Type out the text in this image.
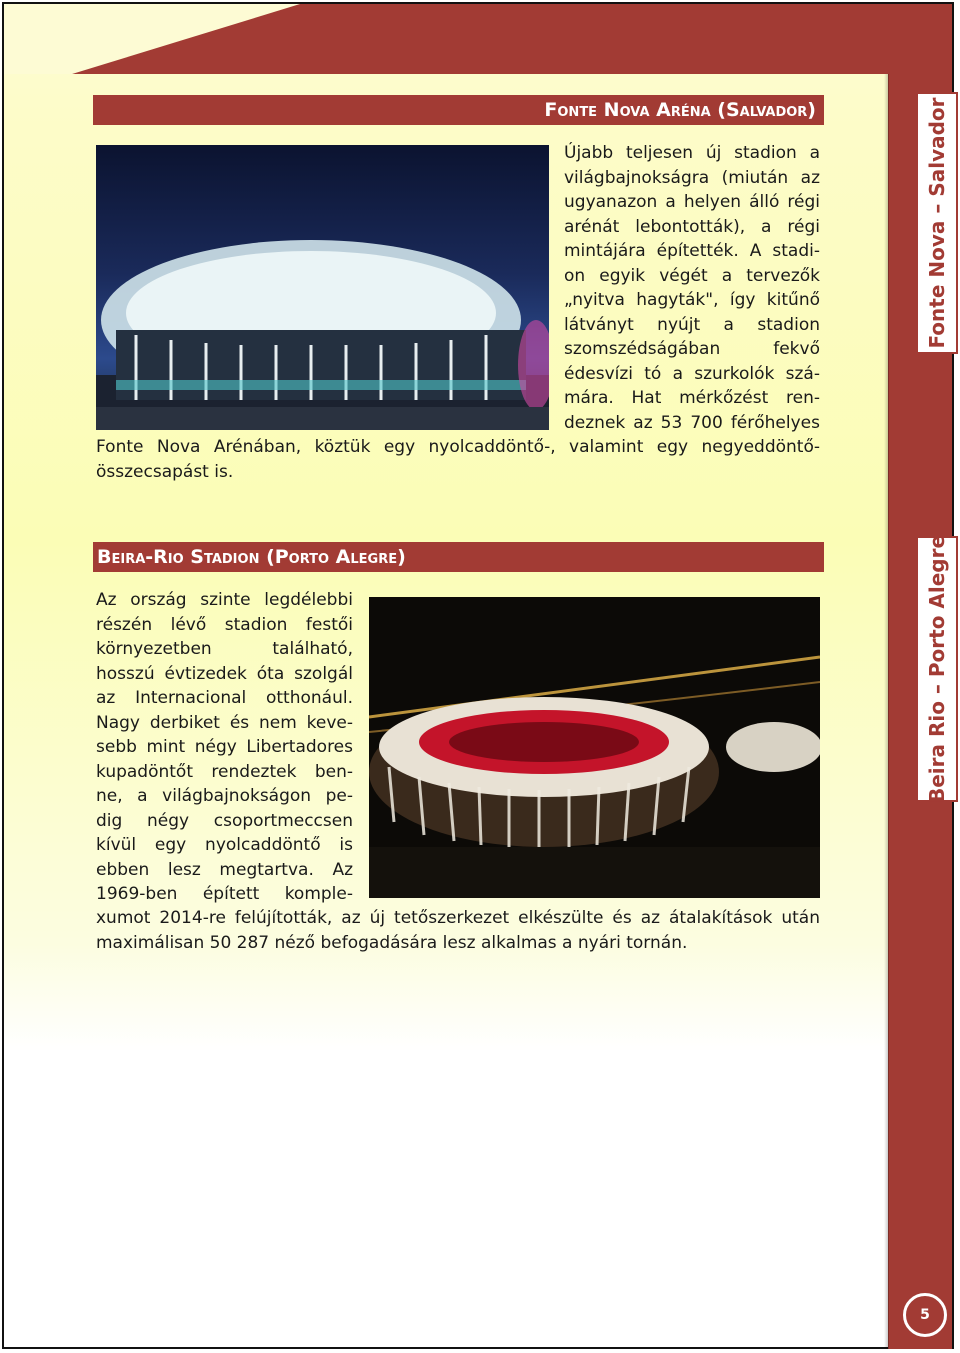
Fonte Nova Aréna (Salvador)
Újabb teljesen új stadion a
világbajnokságra (miután az
ugyanazon a helyen álló régi
arénát lebontották), a régi
mintájára építették. A stadi-
on egyik végét a tervezők
„nyitva hagyták", így kitűnő
látványt nyújt a stadion
szomszédságában fekvő
édesvízi tó a szurkolók szá-
mára. Hat mérkőzést ren-
deznek az 53 700 férőhelyes
Fonte Nova Arénában, köztük egy nyolcaddöntő-, valamint egy negyeddöntő-
összecsapást is.
Fonte Nova – Salvador
Beira-Rio Stadion (Porto Alegre)
Az ország szinte legdélebbi
részén lévő stadion festői
környezetben található,
hosszú évtizedek óta szolgál
az Internacional otthonául.
Nagy derbiket és nem keve-
sebb mint négy Libertadores
kupadöntőt rendeztek ben-
ne, a világbajnokságon pe-
dig négy csoportmeccsen
kívül egy nyolcaddöntő is
ebben lesz megtartva. Az
1969-ben épített komple-
xumot 2014-re felújították, az új tetőszerkezet elkészülte és az átalakítások után
maximálisan 50 287 néző befogadására lesz alkalmas a nyári tornán.
Beira Rio – Porto Alegre
5
